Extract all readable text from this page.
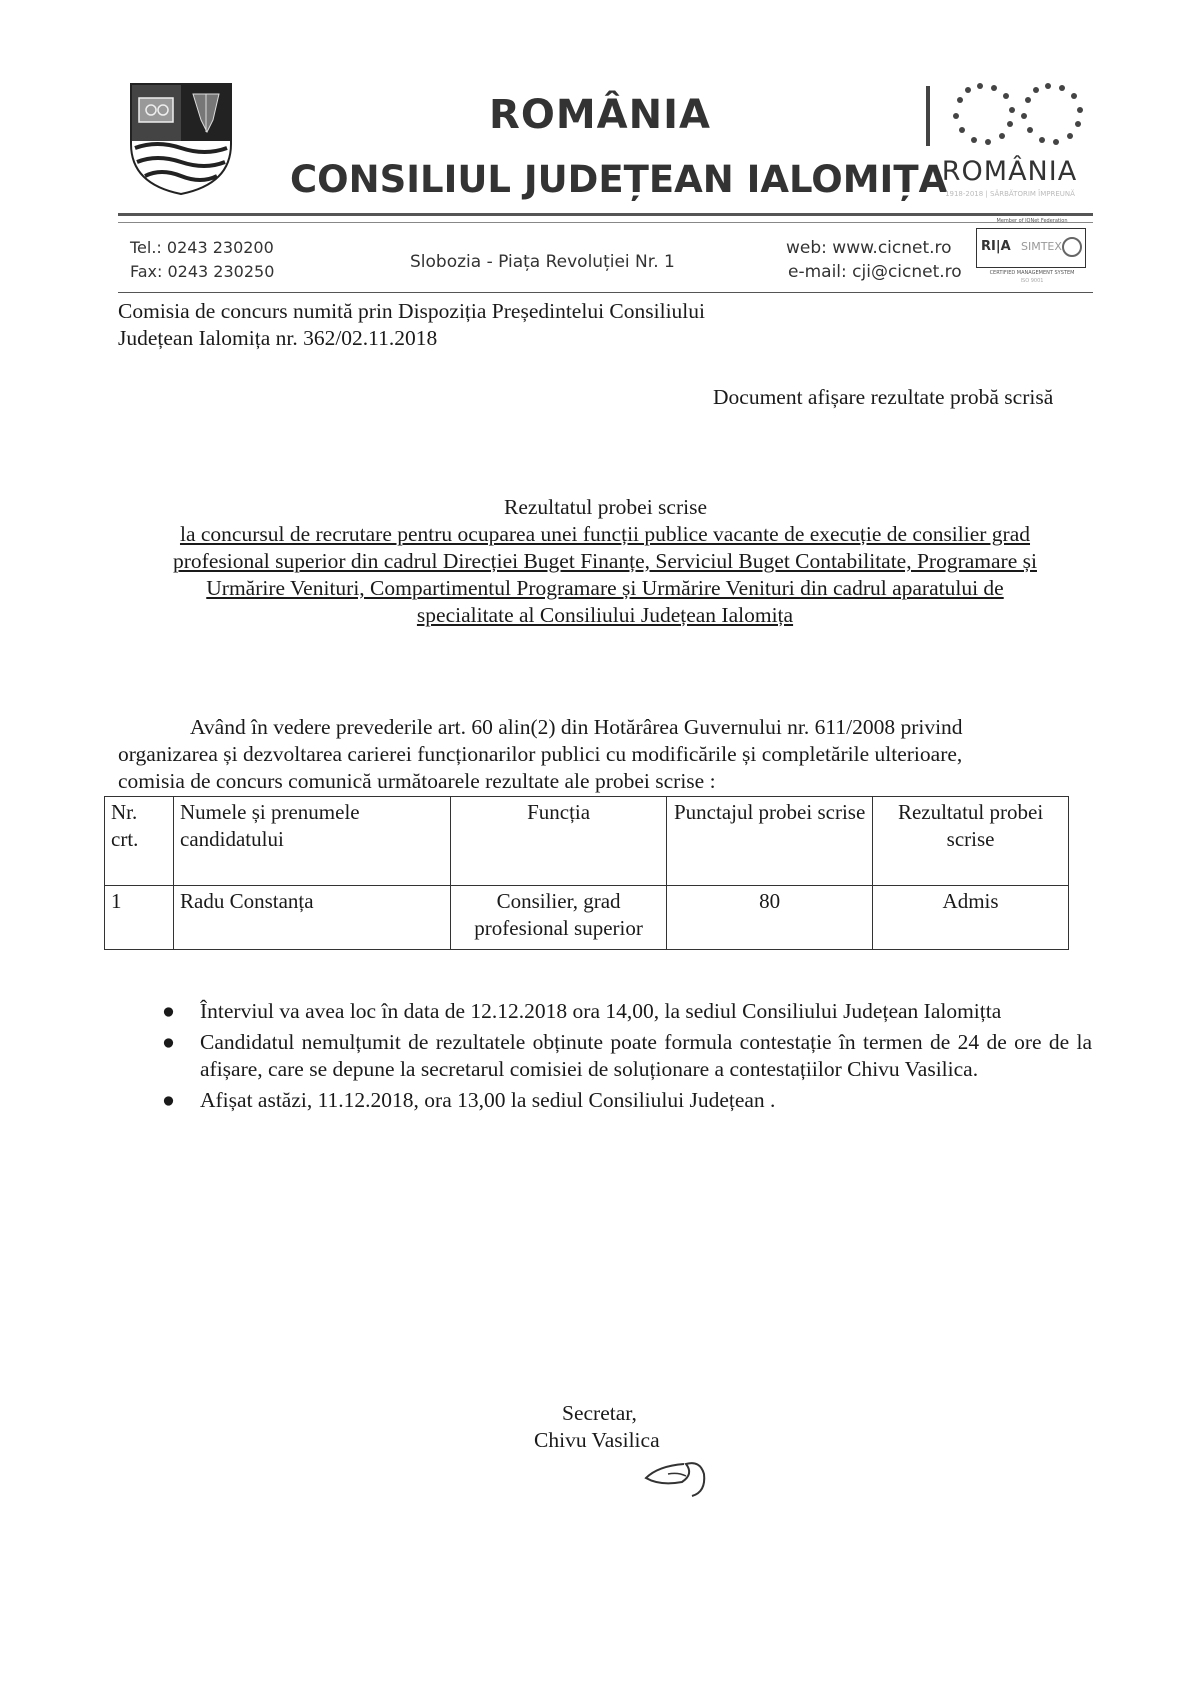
ROMÂNIA
CONSILIUL JUDEȚEAN IALOMIȚA
ROMÂNIA
1918-2018 | SĂRBĂTORIM ÎMPREUNĂ
Tel.: 0243 230200
Fax: 0243 230250	Slobozia - Piața Revoluției Nr. 1
web: www.cicnet.ro
e-mail: cji@cicnet.ro
Member of IQNet Federation
RI|A SIMTEX
CERTIFIED MANAGEMENT SYSTEM
ISO 9001
Comisia de concurs numită prin Dispoziția Președintelui Consiliului
Județean Ialomița nr. 362/02.11.2018
Document afișare rezultate probă scrisă
Rezultatul probei scrise
la concursul de recrutare pentru ocuparea unei funcții publice vacante de execuție de consilier grad
profesional superior din cadrul Direcției Buget Finanțe, Serviciul Buget Contabilitate, Programare și
Urmărire Venituri, Compartimentul Programare și Urmărire Venituri din cadrul aparatului de
specialitate al Consiliului Județean Ialomița
Având în vedere prevederile art. 60 alin(2) din Hotărârea Guvernului nr. 611/2008 privind
organizarea și dezvoltarea carierei funcționarilor publici cu modificările și completările ulterioare,
comisia de concurs comunică următoarele rezultate ale probei scrise :
Nr. crt.	Numele și prenumele candidatului	Funcția	Punctajul probei scrise	Rezultatul probei scrise
1	Radu Constanța	Consilier, grad profesional superior	80	Admis
● Înterviul va avea loc în data de 12.12.2018 ora 14,00, la sediul Consiliului Județean Ialomițta
● Candidatul nemulțumit de rezultatele obținute poate formula contestație în termen de 24 de ore de la afișare, care se depune la secretarul comisiei de soluționare a contestațiilor Chivu Vasilica.
● Afișat astăzi, 11.12.2018, ora 13,00 la sediul Consiliului Județean .
Secretar,
Chivu Vasilica
